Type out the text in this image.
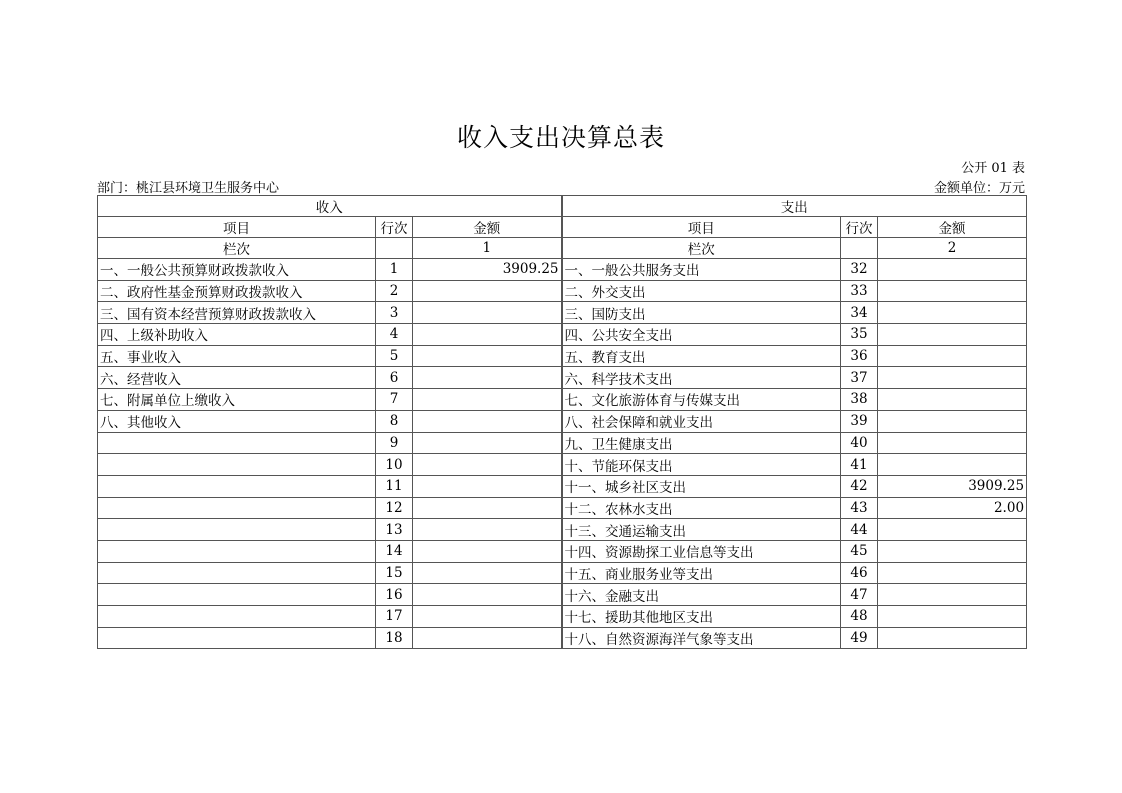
收入支出决算总表
公开 01 表
部门：桃江县环境卫生服务中心	金额单位：万元
收入			支出		
项目	行次	金额	项目	行次	金额
栏次		1	栏次		2
一、一般公共预算财政拨款收入	1	3909.25	一、一般公共服务支出	32	
二、政府性基金预算财政拨款收入	2		二、外交支出	33	
三、国有资本经营预算财政拨款收入	3		三、国防支出	34	
四、上级补助收入	4		四、公共安全支出	35	
五、事业收入	5		五、教育支出	36	
六、经营收入	6		六、科学技术支出	37	
七、附属单位上缴收入	7		七、文化旅游体育与传媒支出	38	
八、其他收入	8		八、社会保障和就业支出	39	
	9		九、卫生健康支出	40	
	10		十、节能环保支出	41	
	11		十一、城乡社区支出	42	3909.25
	12		十二、农林水支出	43	2.00
	13		十三、交通运输支出	44	
	14		十四、资源勘探工业信息等支出	45	
	15		十五、商业服务业等支出	46	
	16		十六、金融支出	47	
	17		十七、援助其他地区支出	48	
	18		十八、自然资源海洋气象等支出	49	
